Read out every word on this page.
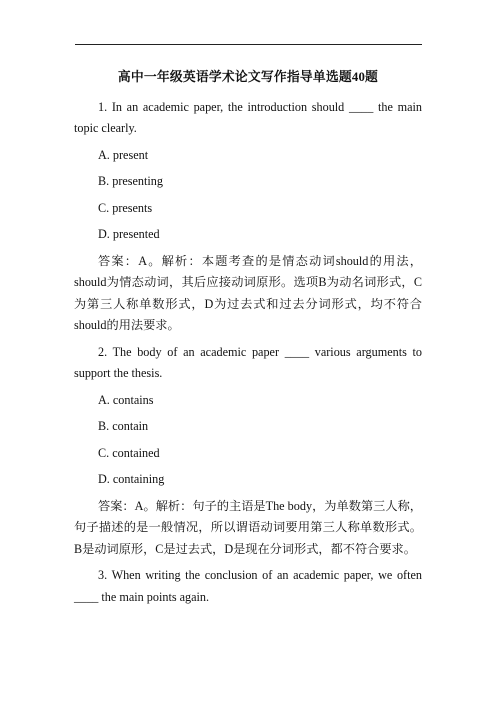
高中一年级英语学术论文写作指导单选题40题

1. In an academic paper, the introduction should ____ the main topic clearly.

A. present

B. presenting

C. presents

D. presented

答案：A。解析：本题考查的是情态动词should的用法，should为情态动词，其后应接动词原形。选项B为动名词形式，C为第三人称单数形式，D为过去式和过去分词形式，均不符合should的用法要求。

2. The body of an academic paper ____ various arguments to support the thesis.

A. contains

B. contain

C. contained

D. containing

答案：A。解析：句子的主语是The body，为单数第三人称，句子描述的是一般情况，所以谓语动词要用第三人称单数形式。B是动词原形，C是过去式，D是现在分词形式，都不符合要求。

3. When writing the conclusion of an academic paper, we often ____ the main points again.
